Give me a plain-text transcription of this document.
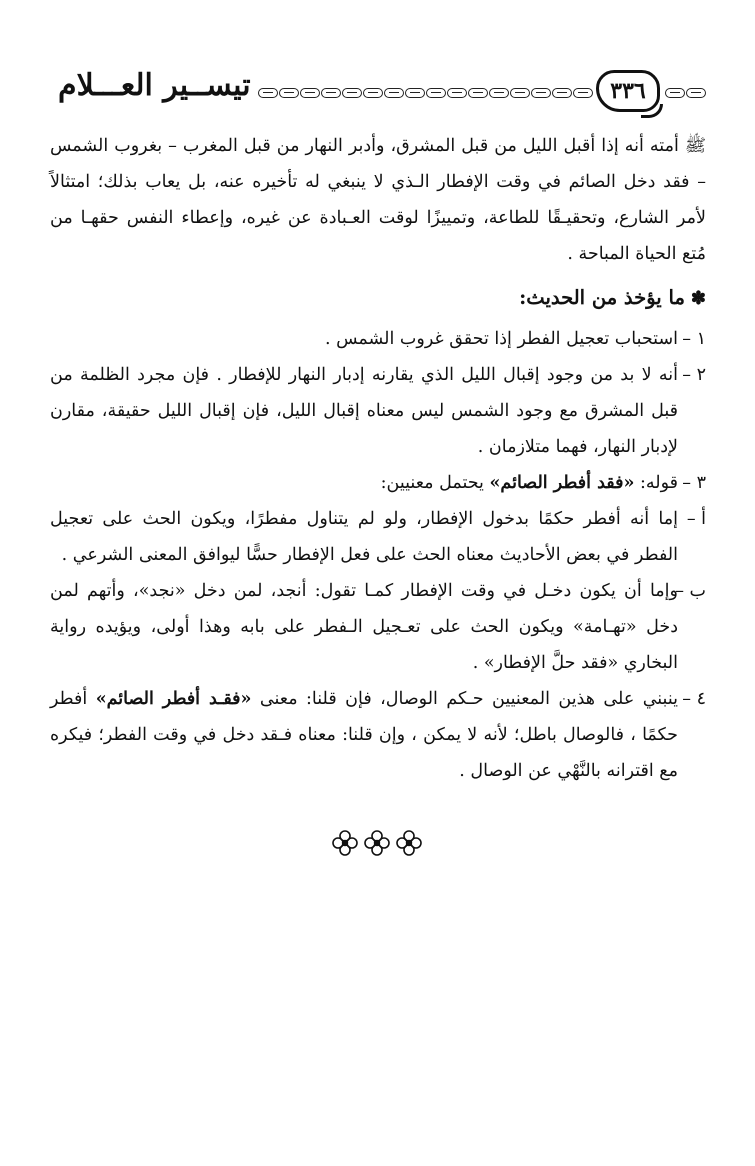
تيســير العـــلام	٣٣٦

ﷺ أمته أنه إذا أقبل الليل من قبل المشرق، وأدبر النهار من قبل المغرب – بغروب الشمس – فقد دخل الصائم في وقت الإفطار الـذي لا ينبغي له تأخيره عنه، بل يعاب بذلك؛ امتثالاً لأمر الشارع، وتحقيـقًا للطاعة، وتمييزًا لوقت العـبادة عن غيره، وإعطاء النفس حقهـا من مُتع الحياة المباحة .

✽ما يؤخذ من الحديث:

١ –
استحباب تعجيل الفطر إذا تحقق غروب الشمس .

٢ –
أنه لا بد من وجود إقبال الليل الذي يقارنه إدبار النهار للإفطار . فإن مجرد الظلمة من قبل المشرق مع وجود الشمس ليس معناه إقبال الليل، فإن إقبال الليل حقيقة، مقارن لإدبار النهار، فهما متلازمان .

٣ –
قوله: «فقد أفطر الصائم» يحتمل معنيين:

أ –
إما أنه أفطر حكمًا بدخول الإفطار، ولو لم يتناول مفطرًا، ويكون الحث على تعجيل الفطر في بعض الأحاديث معناه الحث على فعل الإفطار حسًّا ليوافق المعنى الشرعي .

ب –
وإما أن يكون دخـل في وقت الإفطار كمـا تقول: أنجد، لمن دخل «نجد»، وأتهم لمن دخل «تهـامة» ويكون الحث على تعـجيل الـفطر على بابه وهذا أولى، ويؤيده رواية البخاري «فقد حلَّ الإفطار» .

٤ –
ينبني على هذين المعنيين حـكم الوصال، فإن قلنا: معنى «فقـد أفطر الصائم» أفطر حكمًا ، فالوصال باطل؛ لأنه لا يمكن ، وإن قلنا: معناه فـقد دخل في وقت الفطر؛ فيكره مع اقترانه بالنَّهْي عن الوصال .
